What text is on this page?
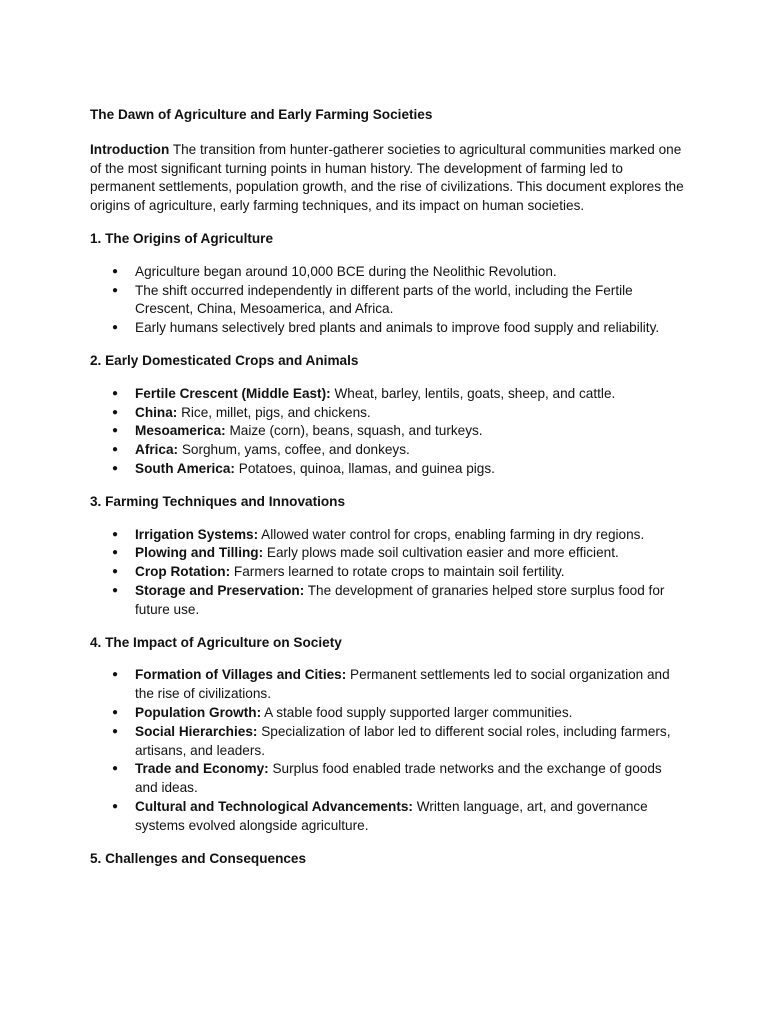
The Dawn of Agriculture and Early Farming Societies

Introduction The transition from hunter-gatherer societies to agricultural communities marked one of the most significant turning points in human history. The development of farming led to permanent settlements, population growth, and the rise of civilizations. This document explores the origins of agriculture, early farming techniques, and its impact on human societies.

1. The Origins of Agriculture
● Agriculture began around 10,000 BCE during the Neolithic Revolution.
● The shift occurred independently in different parts of the world, including the Fertile Crescent, China, Mesoamerica, and Africa.
● Early humans selectively bred plants and animals to improve food supply and reliability.
2. Early Domesticated Crops and Animals
● Fertile Crescent (Middle East): Wheat, barley, lentils, goats, sheep, and cattle.
● China: Rice, millet, pigs, and chickens.
● Mesoamerica: Maize (corn), beans, squash, and turkeys.
● Africa: Sorghum, yams, coffee, and donkeys.
● South America: Potatoes, quinoa, llamas, and guinea pigs.
3. Farming Techniques and Innovations
● Irrigation Systems: Allowed water control for crops, enabling farming in dry regions.
● Plowing and Tilling: Early plows made soil cultivation easier and more efficient.
● Crop Rotation: Farmers learned to rotate crops to maintain soil fertility.
● Storage and Preservation: The development of granaries helped store surplus food for future use.
4. The Impact of Agriculture on Society
● Formation of Villages and Cities: Permanent settlements led to social organization and the rise of civilizations.
● Population Growth: A stable food supply supported larger communities.
● Social Hierarchies: Specialization of labor led to different social roles, including farmers, artisans, and leaders.
● Trade and Economy: Surplus food enabled trade networks and the exchange of goods and ideas.
● Cultural and Technological Advancements: Written language, art, and governance systems evolved alongside agriculture.
5. Challenges and Consequences
